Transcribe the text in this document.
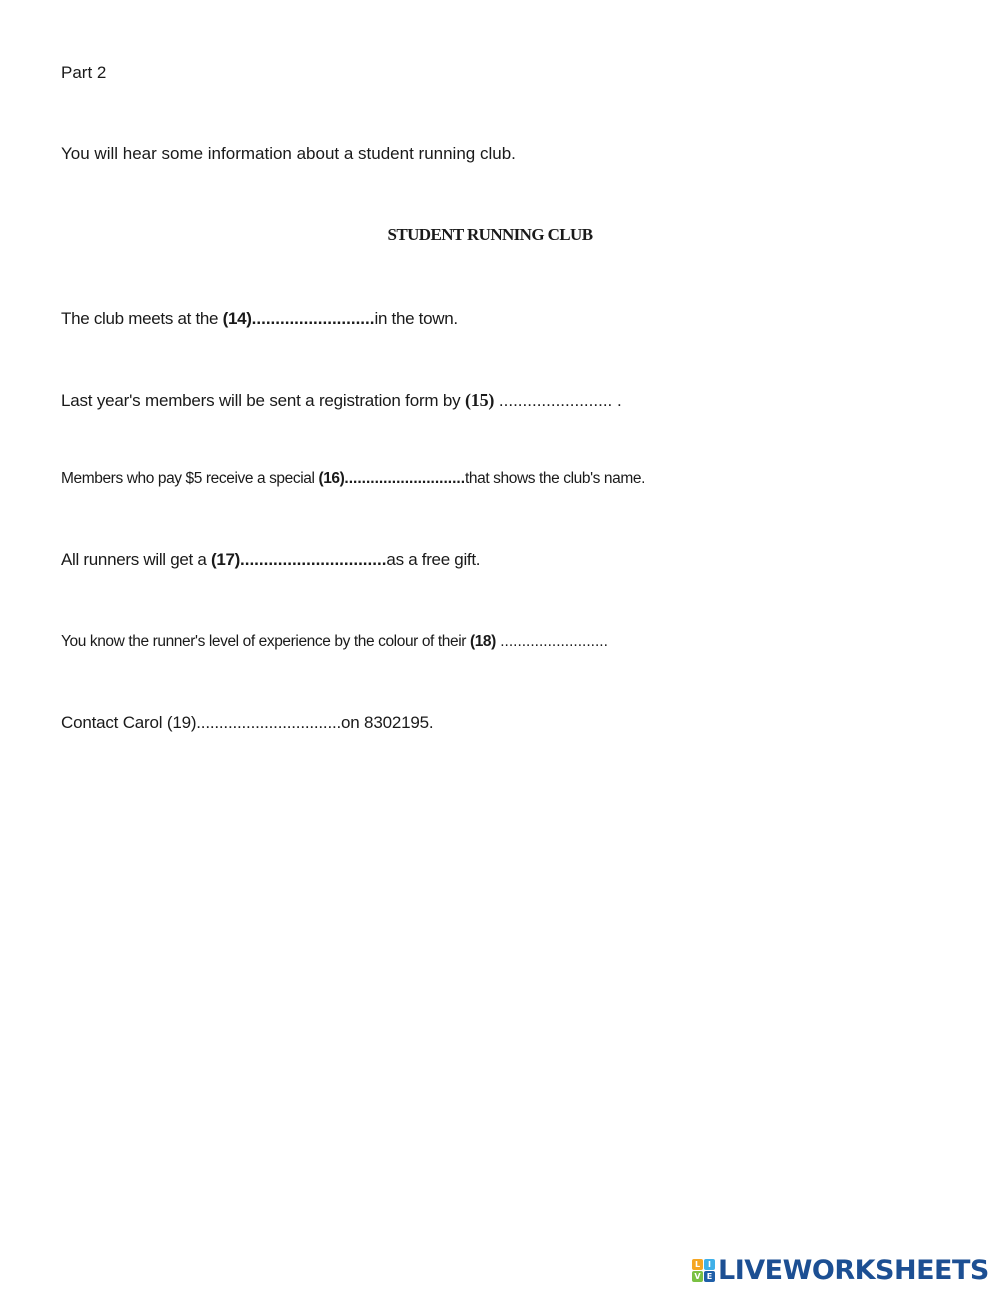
Part 2
You will hear some information about a student running club.
STUDENT RUNNING CLUB
The club meets at the (14)..........................in the town.
Last year's members will be sent a registration form by (15) ........................ .
Members who pay $5 receive a special (16)............................that shows the club's name.
All runners will get a (17)...............................as a free gift.
You know the runner's level of experience by the colour of their (18) .........................
Contact Carol (19)................................on 8302195.
L I
V E LIVEWORKSHEETS
